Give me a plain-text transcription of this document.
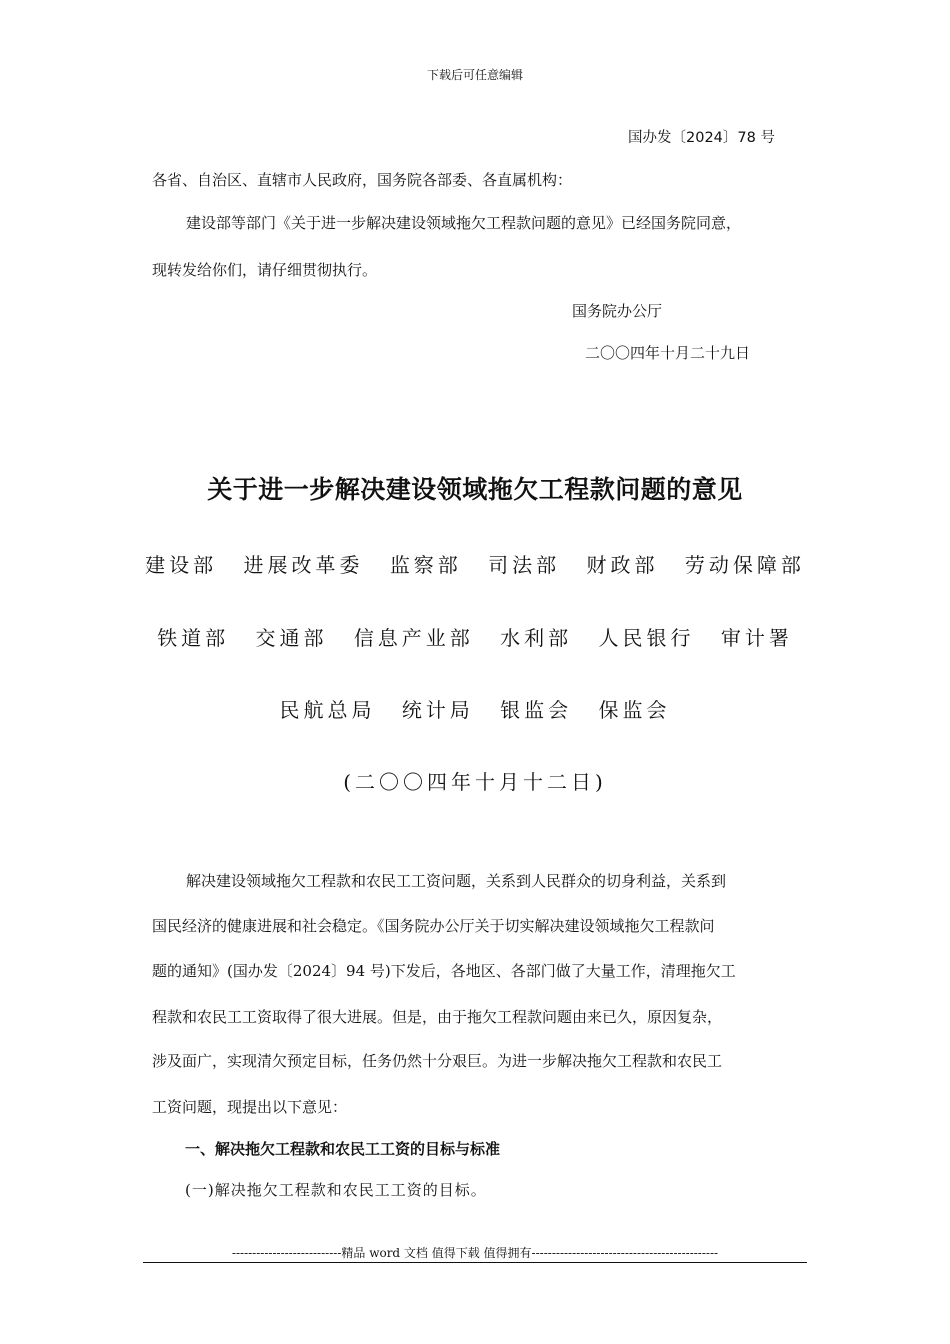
下载后可任意编辑
国办发〔2024〕78 号
各省、自治区、直辖市人民政府，国务院各部委、各直属机构：
建设部等部门《关于进一步解决建设领域拖欠工程款问题的意见》已经国务院同意，
现转发给你们，请仔细贯彻执行。
国务院办公厅
二〇〇四年十月二十九日
关于进一步解决建设领域拖欠工程款问题的意见
建设部 进展改革委 监察部 司法部 财政部 劳动保障部
铁道部 交通部 信息产业部 水利部 人民银行 审计署
民航总局 统计局 银监会 保监会
(二〇〇四年十月十二日)
解决建设领域拖欠工程款和农民工工资问题，关系到人民群众的切身利益，关系到
国民经济的健康进展和社会稳定。《国务院办公厅关于切实解决建设领域拖欠工程款问
题的通知》(国办发〔2024〕94 号)下发后，各地区、各部门做了大量工作，清理拖欠工
程款和农民工工资取得了很大进展。但是，由于拖欠工程款问题由来已久，原因复杂，
涉及面广，实现清欠预定目标，任务仍然十分艰巨。为进一步解决拖欠工程款和农民工
工资问题，现提出以下意见：
一、解决拖欠工程款和农民工工资的目标与标准
(一)解决拖欠工程款和农民工工资的目标。
---------------------------精品 word 文档 值得下载 值得拥有----------------------------------------------
